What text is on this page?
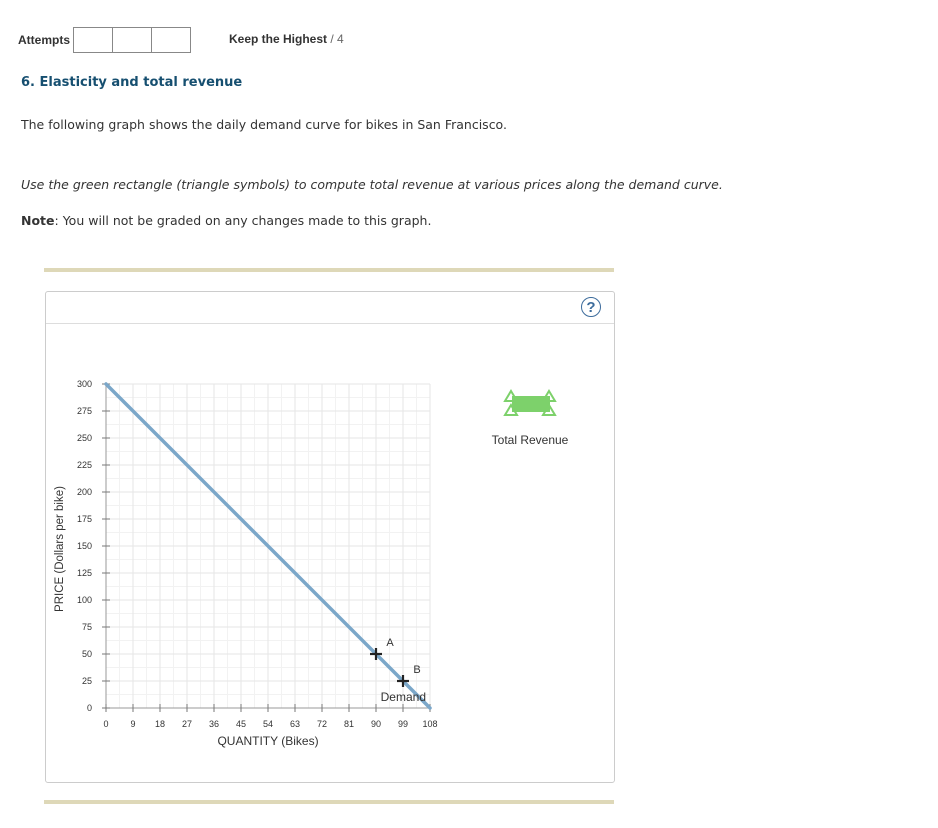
Attempts	Keep the Highest / 4
6. Elasticity and total revenue
The following graph shows the daily demand curve for bikes in San Francisco.
Use the green rectangle (triangle symbols) to compute total revenue at various prices along the demand curve.
Note: You will not be graded on any changes made to this graph.
?
0
25
50
75
100
125
150
175
200
225
250
275
300
0 9 18 27 36 45 54 63 72 81 90 99 108
PRICE (Dollars per bike)
QUANTITY (Bikes)
Demand
A
B
Total Revenue
